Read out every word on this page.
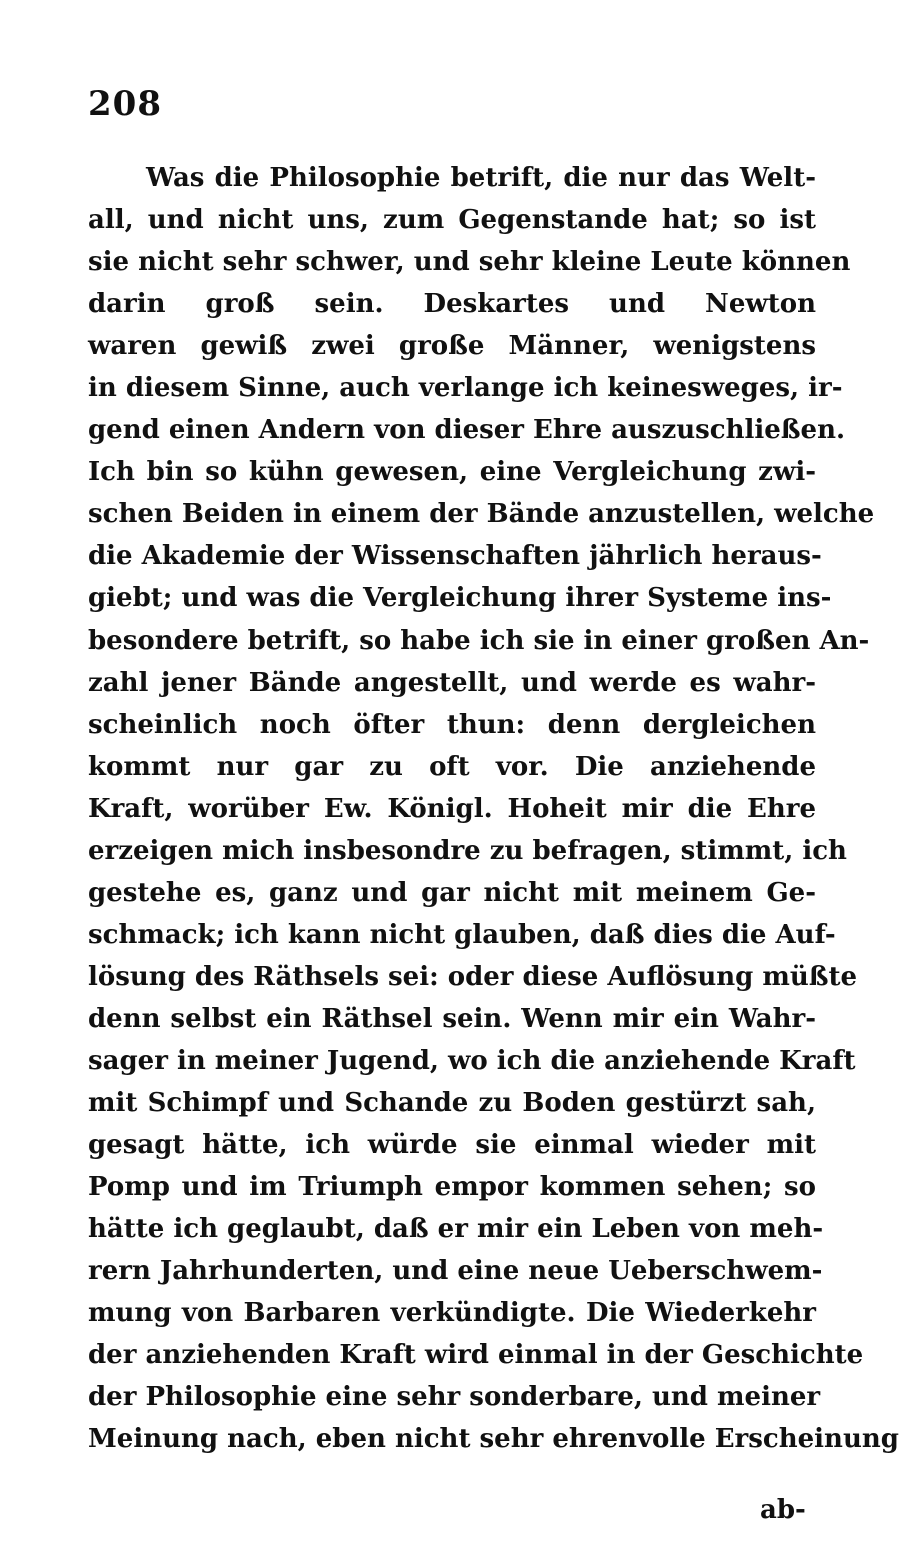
208
Was die Philosophie betrift, die nur das Welt-
all, und nicht uns, zum Gegenstande hat; so ist
sie nicht sehr schwer, und sehr kleine Leute können
darin groß sein. Deskartes und Newton
waren gewiß zwei große Männer, wenigstens
in diesem Sinne, auch verlange ich keinesweges, ir-
gend einen Andern von dieser Ehre auszuschließen.
Ich bin so kühn gewesen, eine Vergleichung zwi-
schen Beiden in einem der Bände anzustellen, welche
die Akademie der Wissenschaften jährlich heraus-
giebt; und was die Vergleichung ihrer Systeme ins-
besondere betrift, so habe ich sie in einer großen An-
zahl jener Bände angestellt, und werde es wahr-
scheinlich noch öfter thun: denn dergleichen
kommt nur gar zu oft vor. Die anziehende
Kraft, worüber Ew. Königl. Hoheit mir die Ehre
erzeigen mich insbesondre zu befragen, stimmt, ich
gestehe es, ganz und gar nicht mit meinem Ge-
schmack; ich kann nicht glauben, daß dies die Auf-
lösung des Räthsels sei: oder diese Auflösung müßte
denn selbst ein Räthsel sein. Wenn mir ein Wahr-
sager in meiner Jugend, wo ich die anziehende Kraft
mit Schimpf und Schande zu Boden gestürzt sah,
gesagt hätte, ich würde sie einmal wieder mit
Pomp und im Triumph empor kommen sehen; so
hätte ich geglaubt, daß er mir ein Leben von meh-
rern Jahrhunderten, und eine neue Ueberschwem-
mung von Barbaren verkündigte. Die Wiederkehr
der anziehenden Kraft wird einmal in der Geschichte
der Philosophie eine sehr sonderbare, und meiner
Meinung nach, eben nicht sehr ehrenvolle Erscheinung
ab-
